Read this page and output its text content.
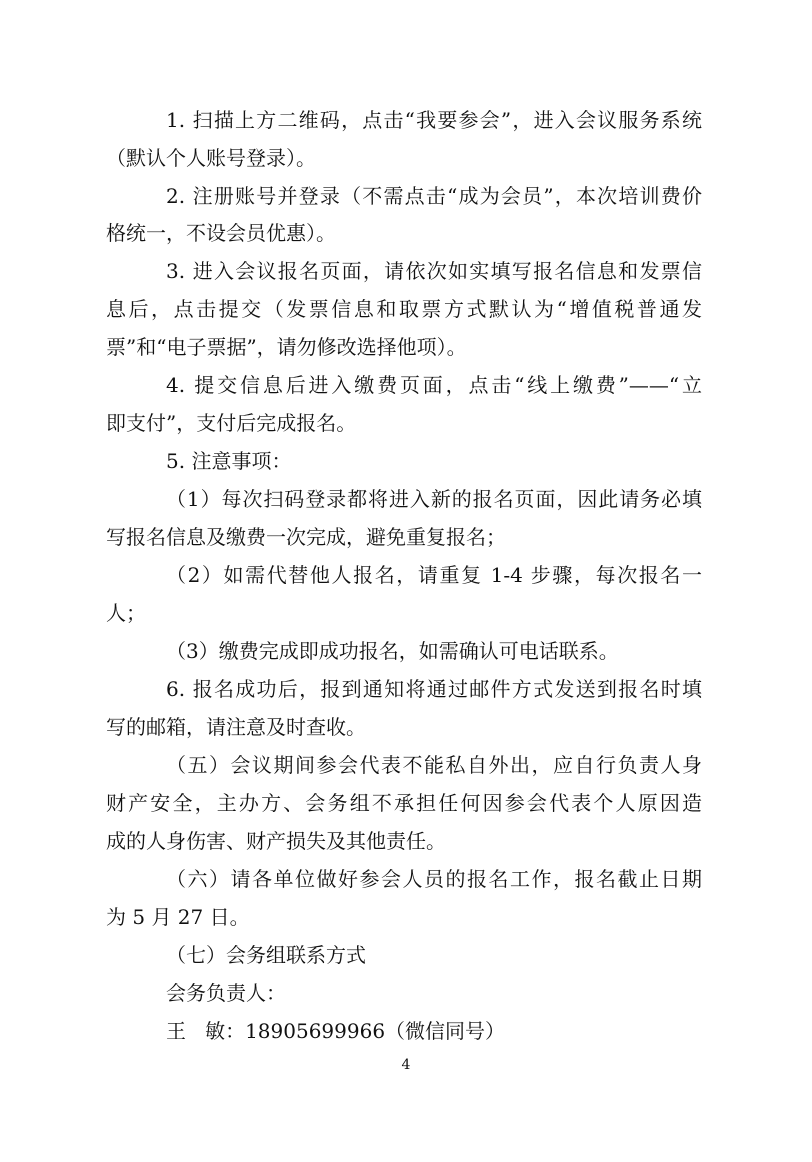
1. 扫描上方二维码，点击“我要参会”，进入会议服务系统
（默认个人账号登录）。
2. 注册账号并登录（不需点击“成为会员”，本次培训费价
格统一，不设会员优惠）。
3. 进入会议报名页面，请依次如实填写报名信息和发票信
息后，点击提交（发票信息和取票方式默认为“增值税普通发
票”和“电子票据”，请勿修改选择他项）。
4. 提交信息后进入缴费页面，点击“线上缴费”——“立
即支付”，支付后完成报名。
5. 注意事项：
（1）每次扫码登录都将进入新的报名页面，因此请务必填
写报名信息及缴费一次完成，避免重复报名；
（2）如需代替他人报名，请重复 1-4 步骤，每次报名一
人；
（3）缴费完成即成功报名，如需确认可电话联系。
6. 报名成功后，报到通知将通过邮件方式发送到报名时填
写的邮箱，请注意及时查收。
（五）会议期间参会代表不能私自外出，应自行负责人身
财产安全，主办方、会务组不承担任何因参会代表个人原因造
成的人身伤害、财产损失及其他责任。
（六）请各单位做好参会人员的报名工作，报名截止日期
为 5 月 27 日。
（七）会务组联系方式
会务负责人：
王   敏：18905699966（微信同号）
4
